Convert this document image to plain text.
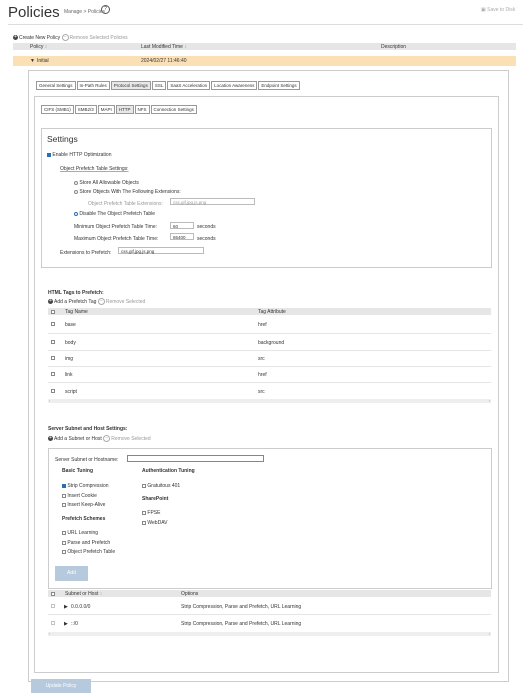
Policies Manage > Policies ?	▣ Save to Disk
+ Create New Policy − Remove Selected Policies
Policy ↕	Last Modified Time ↕	Description
▼ Initial	2024/02/27 11:46:40
General Settings	In-Path Rules	Protocol Settings	SSL	SaaS Acceleration	Location Awareness	Endpoint Settings
CIFS (SMB1)	SMB2/3	MAPI	HTTP	NFS	Connection Settings
Settings
Enable HTTP Optimization
Object Prefetch Table Settings:
Store All Allowable Objects
Store Objects With The Following Extensions:
Object Prefetch Table Extensions:	css,gif,jpg,js,png
Disable The Object Prefetch Table
Minimum Object Prefetch Table Time:	60	seconds
Maximum Object Prefetch Table Time:	86400	seconds
Extensions to Prefetch:	css,gif,jpg,js,png
HTML Tags to Prefetch:
+ Add a Prefetch Tag − Remove Selected
Tag Name	Tag Attribute
base	href
body	background
img	src
link	href
script	src
‹	›
Server Subnet and Host Settings:
+ Add a Subnet or Host − Remove Selected
Server Subnet or Hostname:
Basic Tuning
Strip Compression
Insert Cookie
Insert Keep-Alive
Prefetch Schemes
URL Learning
Parse and Prefetch
Object Prefetch Table
Authentication Tuning
Gratuitous 401
SharePoint
FPSE
WebDAV
Add
Subnet or Host ↕	Options
▶ 0.0.0.0/0	Strip Compression, Parse and Prefetch, URL Learning
▶ ::/0	Strip Compression, Parse and Prefetch, URL Learning
‹	›
Update Policy
